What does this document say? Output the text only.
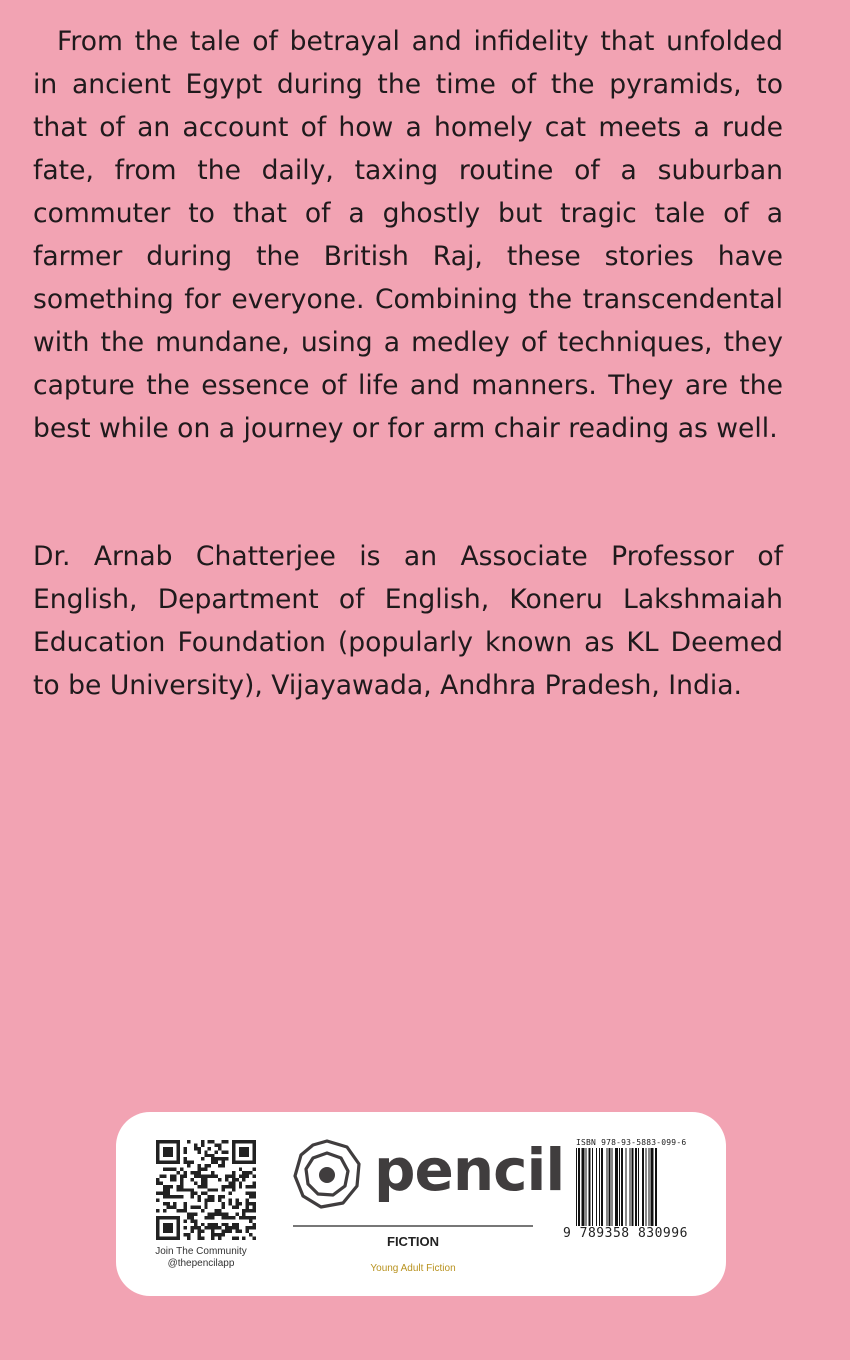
From the tale of betrayal and infidelity that unfolded in ancient Egypt during the time of the pyramids, to that of an account of how a homely cat meets a rude fate, from the daily, taxing routine of a suburban commuter to that of a ghostly but tragic tale of a farmer during the British Raj, these stories have something for everyone. Combining the transcendental with the mundane, using a medley of techniques, they capture the essence of life and manners. They are the best while on a journey or for arm chair reading as well.

Dr. Arnab Chatterjee is an Associate Professor of English, Department of English, Koneru Lakshmaiah Education Foundation (popularly known as KL Deemed to be University), Vijayawada, Andhra Pradesh, India.

Join The Community
@thepencilapp
pencil
FICTION
Young Adult Fiction
ISBN 978-93-5883-099-6
9 789358 830996
